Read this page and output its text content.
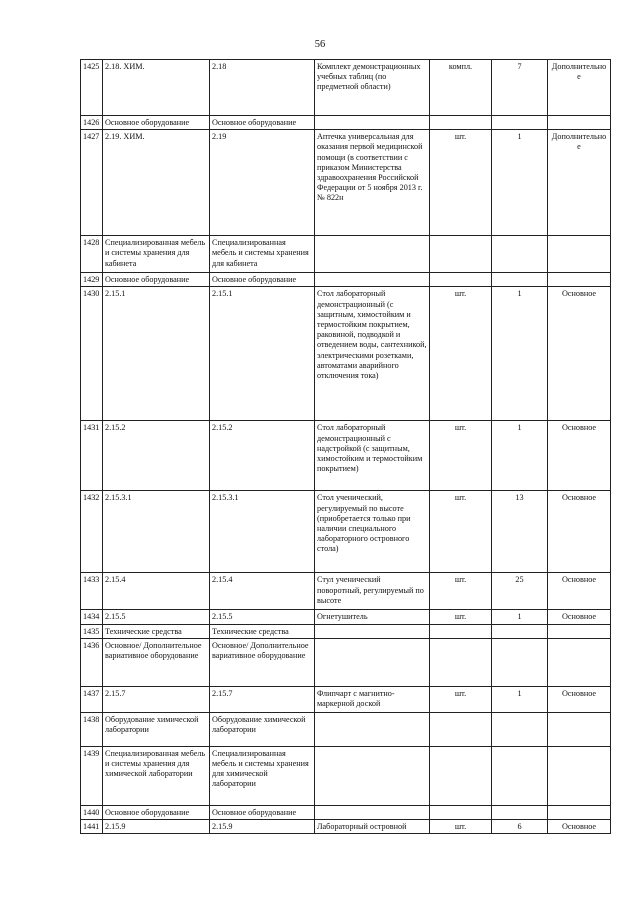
56
1425	2.18. ХИМ.	2.18	Комплект демонстрационных учебных таблиц (по предметной области)	компл.	7	Дополнительное
1426	Основное оборудование	Основное оборудование				
1427	2.19. ХИМ.	2.19	Аптечка универсальная для оказания первой медицинской помощи (в соответствии с приказом Министерства здравоохранения Российской Федерации от 5 ноября 2013 г. № 822н	шт.	1	Дополнительное
1428	Специализированная мебель и системы хранения для кабинета	Специализированная мебель и системы хранения для кабинета				
1429	Основное оборудование	Основное оборудование				
1430	2.15.1	2.15.1	Стол лабораторный демонстрационный (с защитным, химостойким и термостойким покрытием, раковиной, подводкой и отведением воды, сантехникой, электрическими розетками, автоматами аварийного отключения тока)	шт.	1	Основное
1431	2.15.2	2.15.2	Стол лабораторный демонстрационный с надстройкой (с защитным, химостойким и термостойким покрытием)	шт.	1	Основное
1432	2.15.3.1	2.15.3.1	Стол ученический, регулируемый по высоте (приобретается только при наличии специального лабораторного островного стола)	шт.	13	Основное
1433	2.15.4	2.15.4	Стул ученический поворотный, регулируемый по высоте	шт.	25	Основное
1434	2.15.5	2.15.5	Огнетушитель	шт.	1	Основное
1435	Технические средства	Технические средства				
1436	Основное/ Дополнительное вариативное оборудование	Основное/ Дополнительное вариативное оборудование				
1437	2.15.7	2.15.7	Флипчарт с магнитно-маркерной доской	шт.	1	Основное
1438	Оборудование химической лаборатории	Оборудование химической лаборатории				
1439	Специализированная мебель и системы хранения для химической лаборатории	Специализированная мебель и системы хранения для химической лаборатории				
1440	Основное оборудование	Основное оборудование				
1441	2.15.9	2.15.9	Лабораторный островной	шт.	6	Основное
